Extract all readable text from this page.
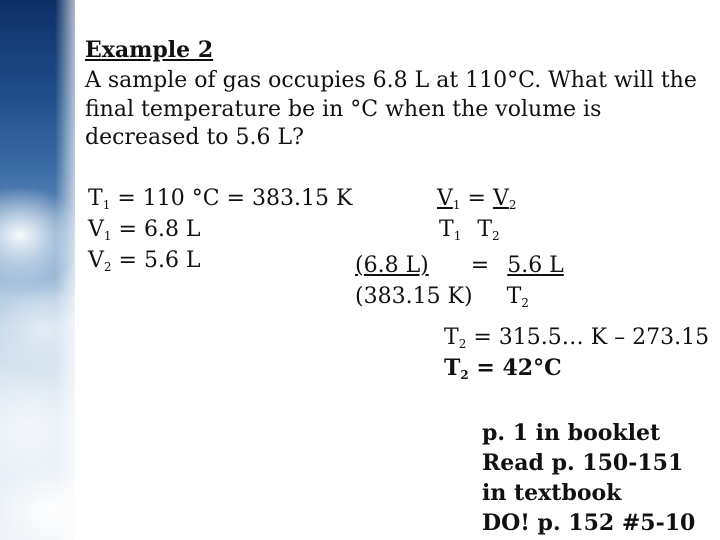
Example 2
A sample of gas occupies 6.8 L at 110°C. What will the final temperature be in °C when the volume is decreased to 5.6 L?
$T_1 = 110$ °C = 383.15 K
$V_1 = 6.8$ L
$V_2 = 5.6$ L
$V_1 = V_2$
$T_1$ $T_2$
(6.8 L) = 5.6 L
(383.15 K) $T_2$
$T_2$ = 315.5… K – 273.15
$T_2 = 42^\circ C$
p. 1 in booklet
Read p. 150-151
in textbook
DO! p. 152 #5-10
